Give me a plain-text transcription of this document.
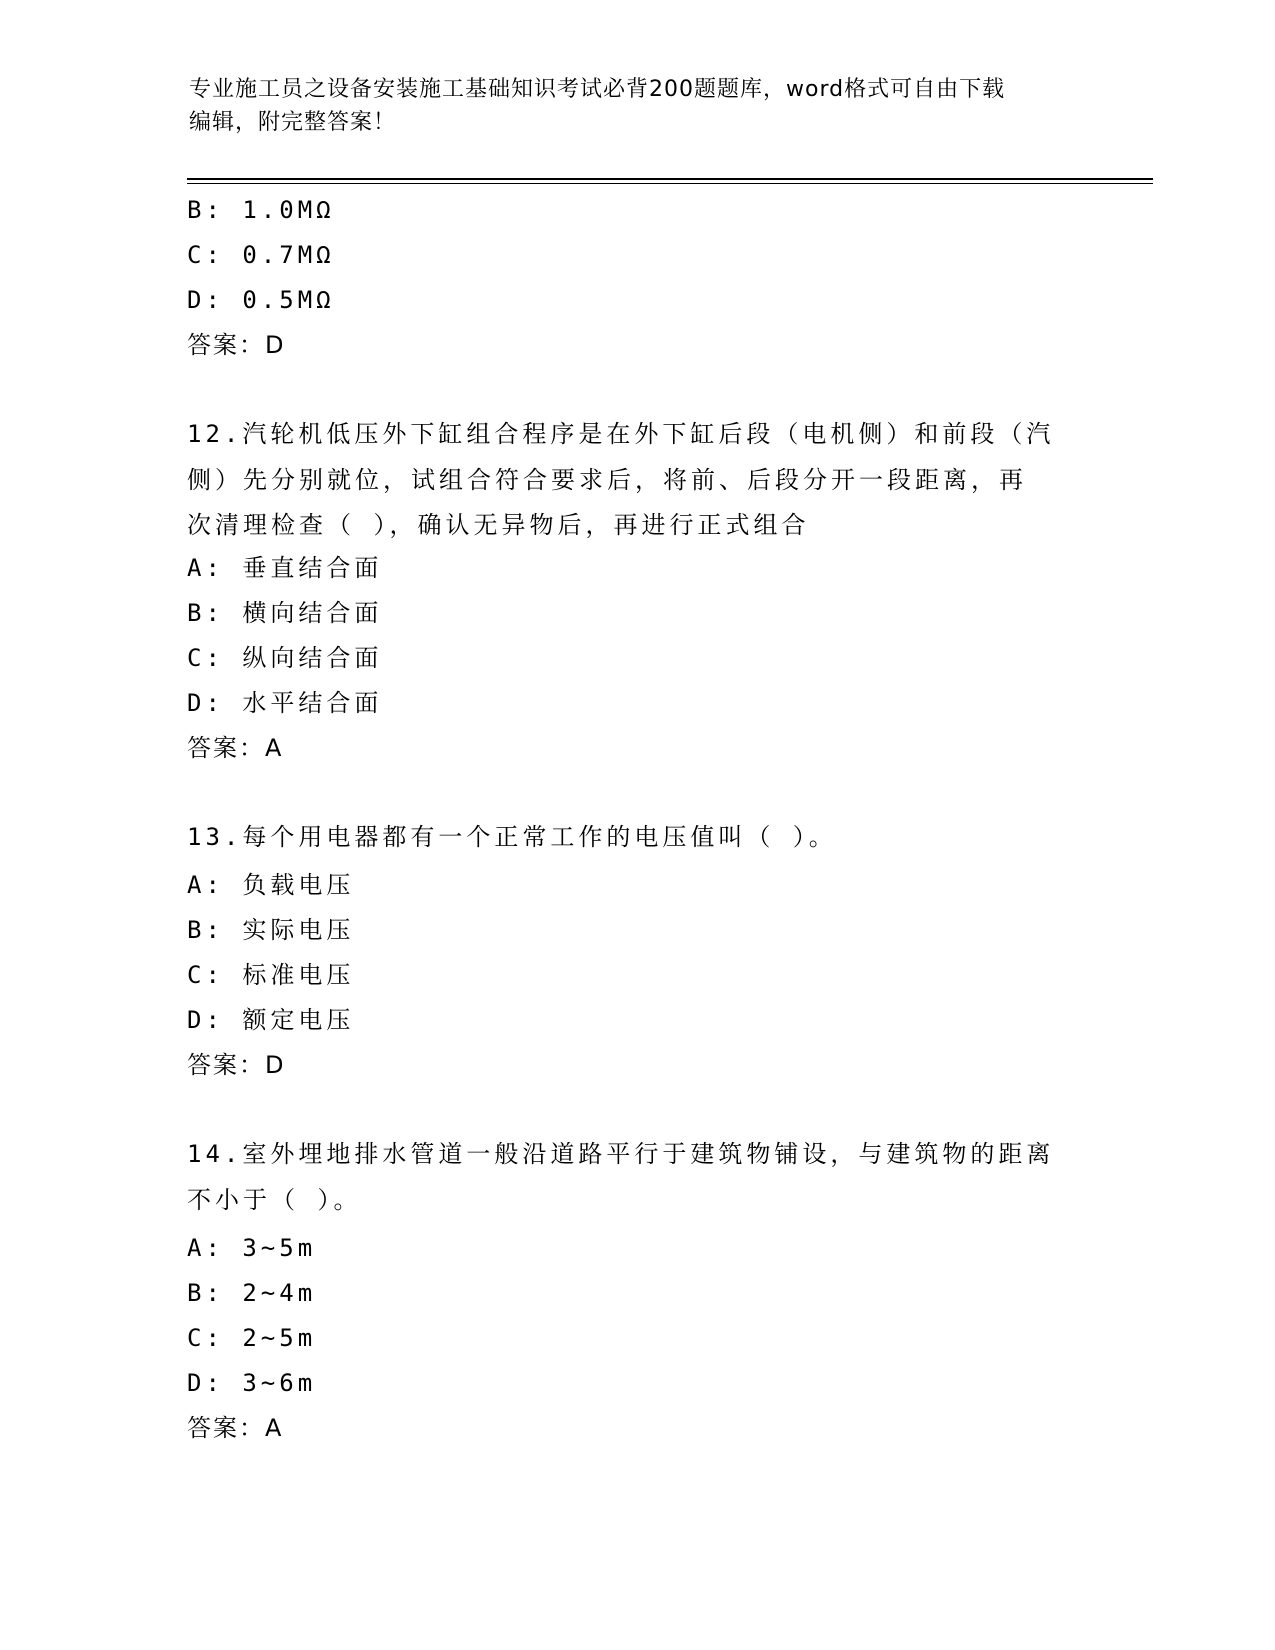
专业施工员之设备安装施工基础知识考试必背200题题库，word格式可自由下载
编辑，附完整答案！
B: 1.0MΩ
C: 0.7MΩ
D: 0.5MΩ
答案：D
12.汽轮机低压外下缸组合程序是在外下缸后段（电机侧）和前段（汽
侧）先分别就位，试组合符合要求后，将前、后段分开一段距离，再
次清理检查（ ），确认无异物后，再进行正式组合
A: 垂直结合面
B: 横向结合面
C: 纵向结合面
D: 水平结合面
答案：A
13.每个用电器都有一个正常工作的电压值叫（ ）。
A: 负载电压
B: 实际电压
C: 标准电压
D: 额定电压
答案：D
14.室外埋地排水管道一般沿道路平行于建筑物铺设，与建筑物的距离
不小于（ ）。
A: 3~5m
B: 2~4m
C: 2~5m
D: 3~6m
答案：A
